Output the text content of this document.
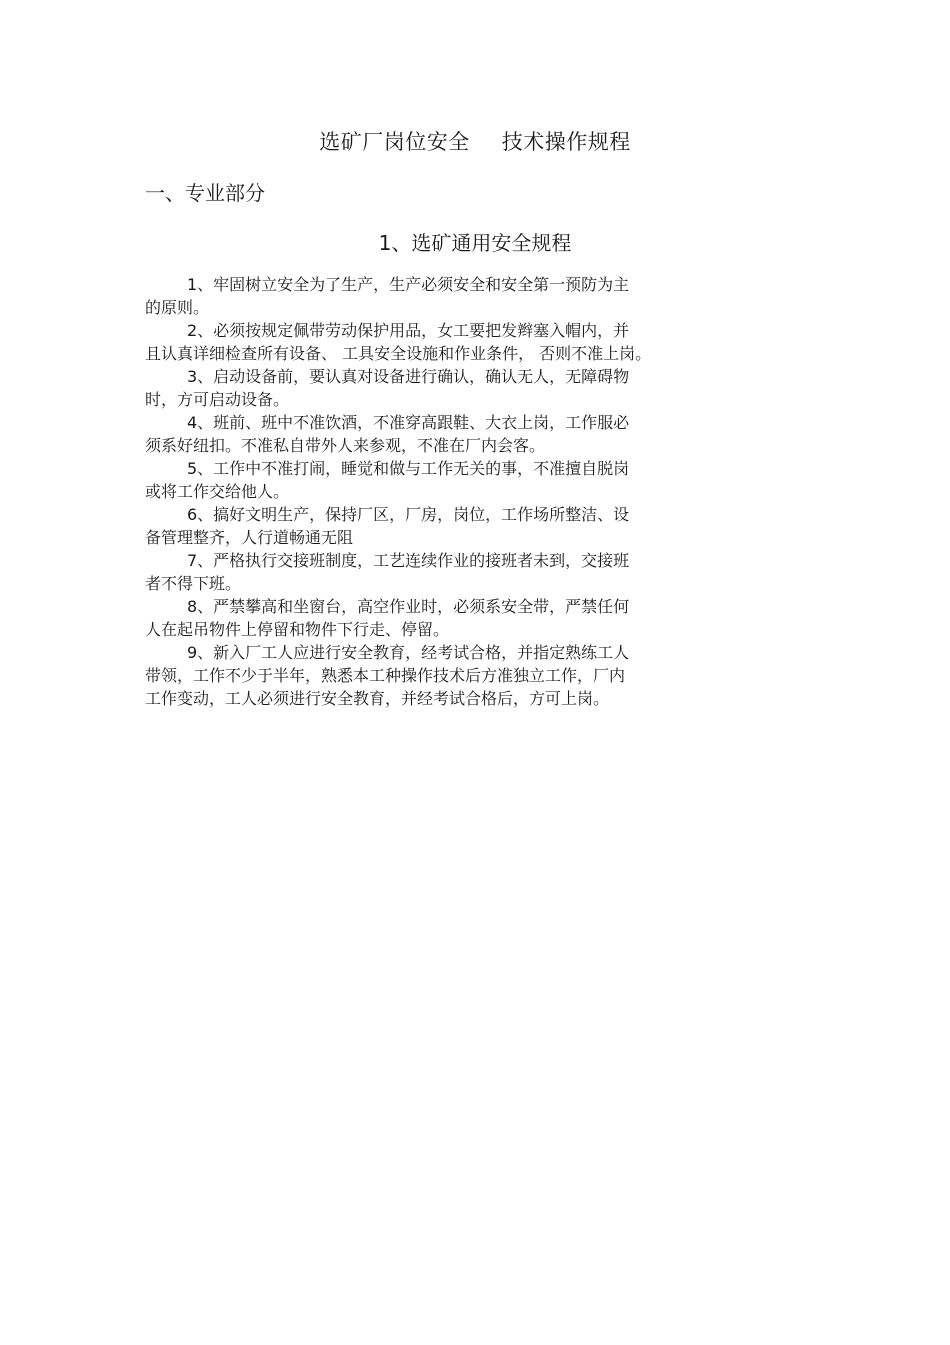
选矿厂岗位安全 技术操作规程
一、专业部分
1、选矿通用安全规程
1、牢固树立安全为了生产，生产必须安全和安全第一预防为主
的原则。
2、必须按规定佩带劳动保护用品，女工要把发辫塞入帽内，并
且认真详细检查所有设备、 工具安全设施和作业条件， 否则不准上岗。
3、启动设备前，要认真对设备进行确认，确认无人，无障碍物
时，方可启动设备。
4、班前、班中不准饮酒，不准穿高跟鞋、大衣上岗，工作服必
须系好纽扣。不准私自带外人来参观，不准在厂内会客。
5、工作中不准打闹，睡觉和做与工作无关的事，不准擅自脱岗
或将工作交给他人。
6、搞好文明生产，保持厂区，厂房，岗位，工作场所整洁、设
备管理整齐，人行道畅通无阻
7、严格执行交接班制度，工艺连续作业的接班者未到，交接班
者不得下班。
8、严禁攀高和坐窗台，高空作业时，必须系安全带，严禁任何
人在起吊物件上停留和物件下行走、停留。
9、新入厂工人应进行安全教育，经考试合格，并指定熟练工人
带领，工作不少于半年，熟悉本工种操作技术后方准独立工作，厂内
工作变动，工人必须进行安全教育，并经考试合格后，方可上岗。
